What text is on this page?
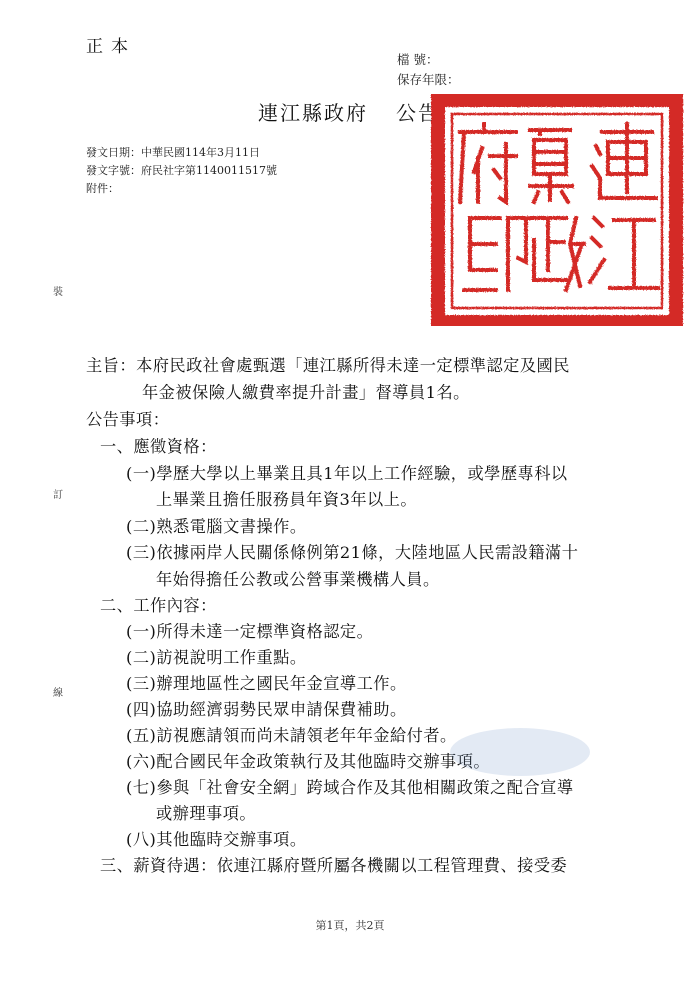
正本
檔 號：
保存年限：
連江縣政府 公告
發文日期：中華民國114年3月11日
發文字號：府民社字第1140011517號
附件：
裝
訂
線
主旨：本府民政社會處甄選「連江縣所得未達一定標準認定及國民
年金被保險人繳費率提升計畫」督導員1名。
公告事項：
一、應徵資格：
(一)學歷大學以上畢業且具1年以上工作經驗，或學歷專科以
上畢業且擔任服務員年資3年以上。
(二)熟悉電腦文書操作。
(三)依據兩岸人民關係條例第21條，大陸地區人民需設籍滿十
年始得擔任公教或公營事業機構人員。
二、工作內容：
(一)所得未達一定標準資格認定。
(二)訪視說明工作重點。
(三)辦理地區性之國民年金宣導工作。
(四)協助經濟弱勢民眾申請保費補助。
(五)訪視應請領而尚未請領老年年金給付者。
(六)配合國民年金政策執行及其他臨時交辦事項。
(七)參與「社會安全網」跨域合作及其他相關政策之配合宣導
或辦理事項。
(八)其他臨時交辦事項。
三、薪資待遇：依連江縣府暨所屬各機關以工程管理費、接受委
第1頁，共2頁
